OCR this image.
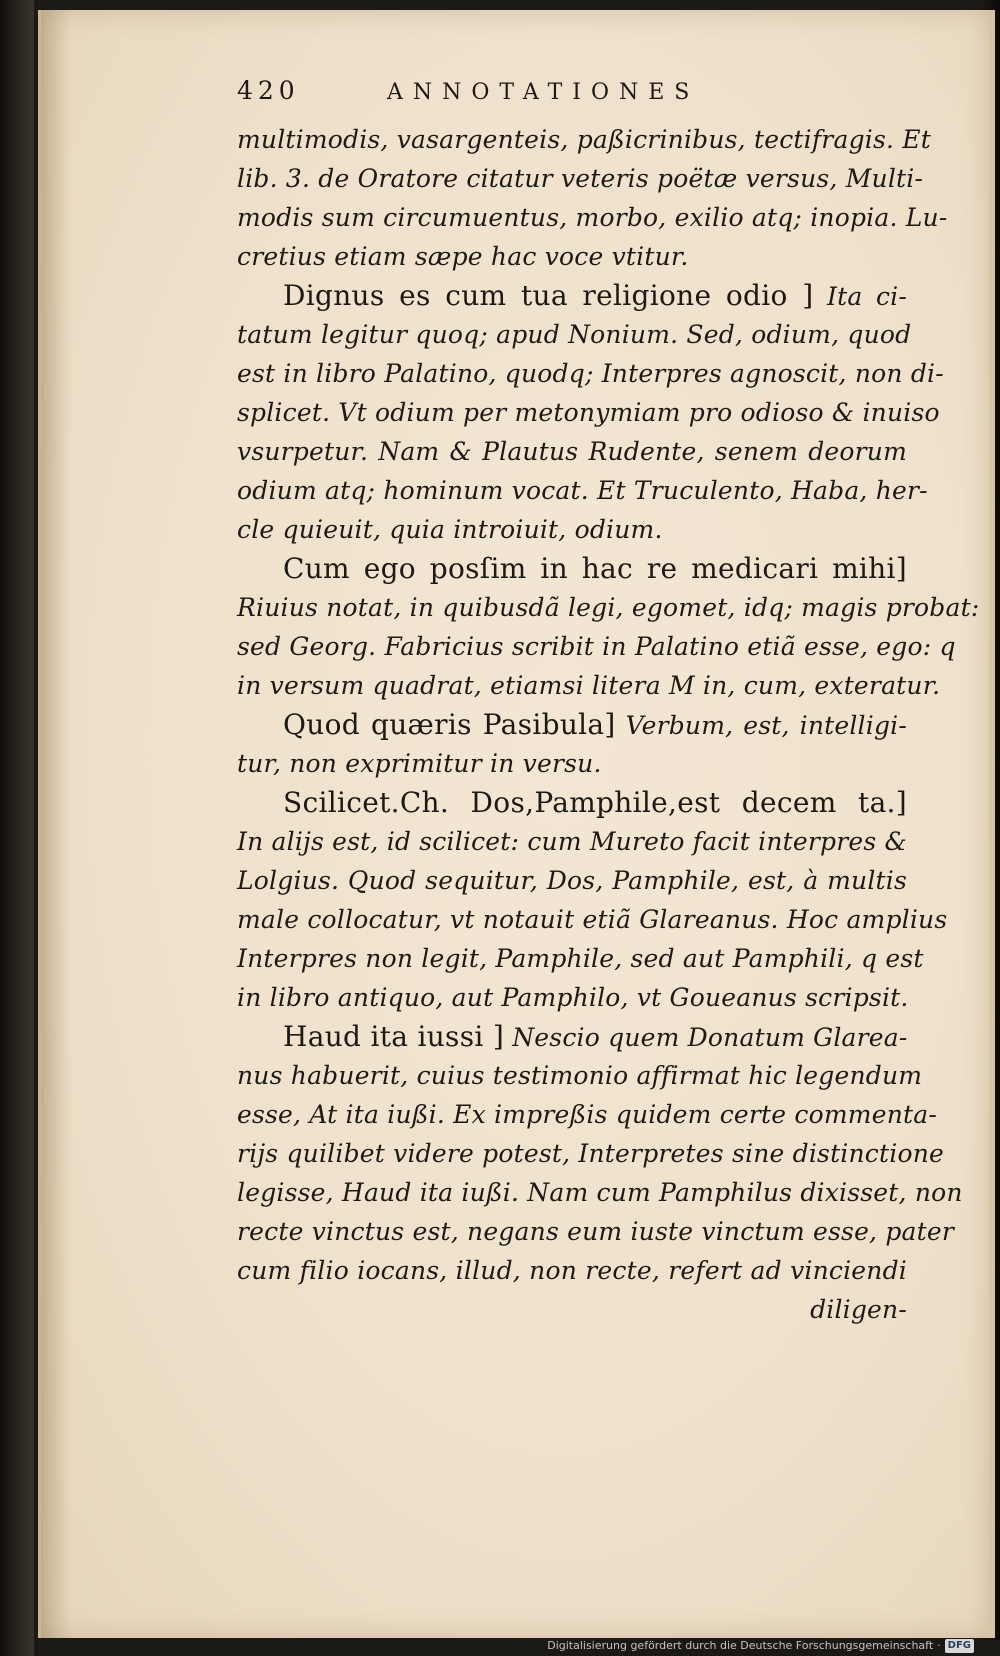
420	ANNOTATIONES
multimodis, vasargenteis, paßicrinibus, tectifragis. Et
lib. 3. de Oratore citatur veteris poëtæ versus, Multi-
modis sum circumuentus, morbo, exilio atq; inopia. Lu-
cretius etiam sæpe hac voce vtitur.
Dignus es cum tua religione odio ] Ita ci-
tatum legitur quoq; apud Nonium. Sed, odium, quod
est in libro Palatino, quodq; Interpres agnoscit, non di-
splicet. Vt odium per metonymiam pro odioso & inuiso
vsurpetur. Nam & Plautus Rudente, senem deorum
odium atq; hominum vocat. Et Truculento, Haba, her-
cle quieuit, quia introiuit, odium.
Cum ego posſim in hac re medicari mihi]
Riuius notat, in quibusdã legi, egomet, idq; magis probat:
sed Georg. Fabricius scribit in Palatino etiã esse, ego: q
in versum quadrat, etiamsi litera M in, cum, exteratur.
Quod quæris Pasibula] Verbum, est, intelligi-
tur, non exprimitur in versu.
Scilicet.Ch. Dos,Pamphile,est decem ta.]
In alijs est, id scilicet: cum Mureto facit interpres &
Lolgius. Quod sequitur, Dos, Pamphile, est, à multis
male collocatur, vt notauit etiã Glareanus. Hoc amplius
Interpres non legit, Pamphile, sed aut Pamphili, q est
in libro antiquo, aut Pamphilo, vt Goueanus scripsit.
Haud ita iussi ] Nescio quem Donatum Glarea-
nus habuerit, cuius testimonio affirmat hic legendum
esse, At ita iußi. Ex impreßis quidem certe commenta-
rijs quilibet videre potest, Interpretes sine distinctione
legisse, Haud ita iußi. Nam cum Pamphilus dixisset, non
recte vinctus est, negans eum iuste vinctum esse, pater
cum filio iocans, illud, non recte, refert ad vinciendi
diligen-
Digitalisierung gefördert durch die Deutsche Forschungsgemeinschaft · DFG
